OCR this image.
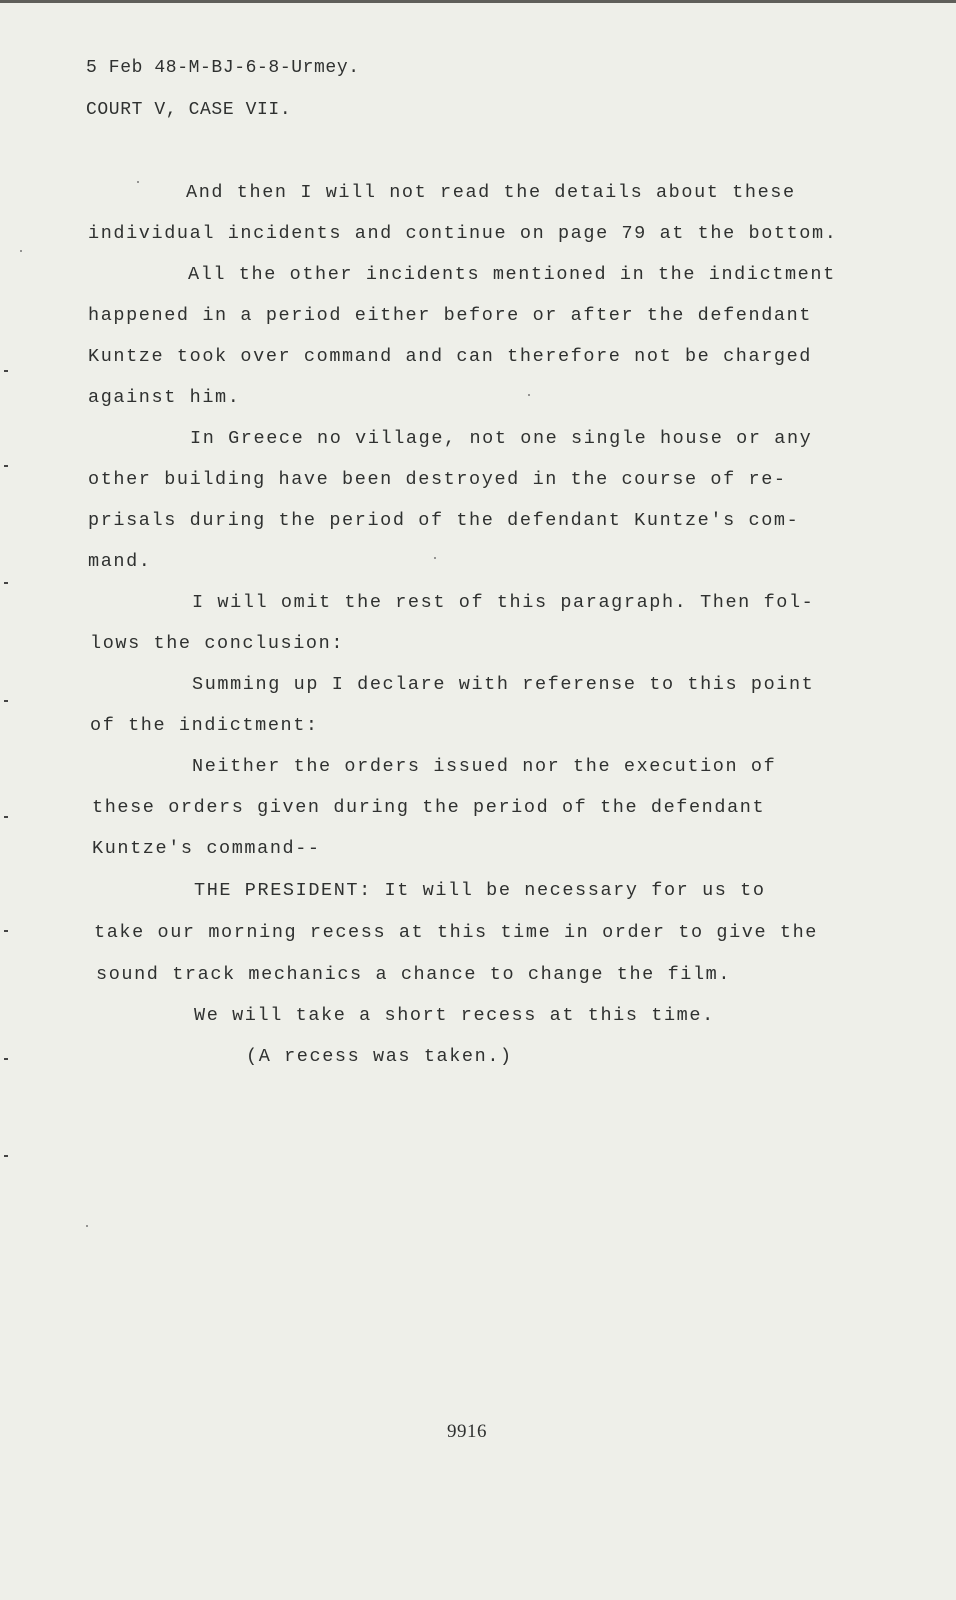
5 Feb 48-M-BJ-6-8-Urmey.
COURT V, CASE VII.
And then I will not read the details about these
individual incidents and continue on page 79 at the bottom.
All the other incidents mentioned in the indictment
happened in a period either before or after the defendant
Kuntze took over command and can therefore not be charged
against him.
In Greece no village, not one single house or any
other building have been destroyed in the course of re-
prisals during the period of the defendant Kuntze's com-
mand.
I will omit the rest of this paragraph. Then fol-
lows the conclusion:
Summing up I declare with referense to this point
of the indictment:
Neither the orders issued nor the execution of
these orders given during the period of the defendant
Kuntze's command--
THE PRESIDENT: It will be necessary for us to
take our morning recess at this time in order to give the
sound track mechanics a chance to change the film.
We will take a short recess at this time.
(A recess was taken.)
9916
